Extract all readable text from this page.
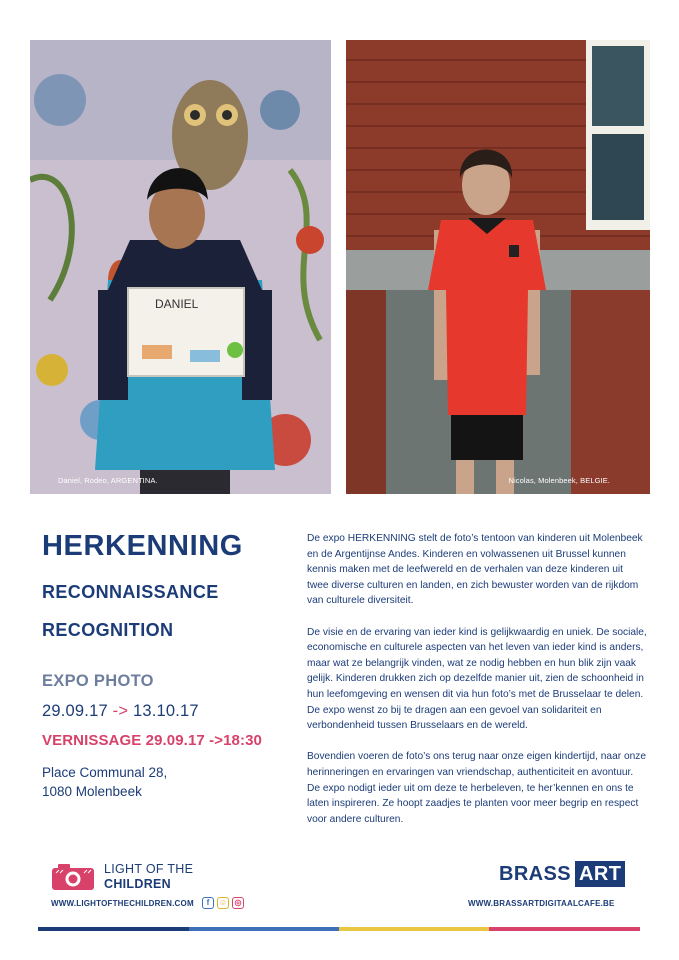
DANIEL
Daniel, Rodeo, ARGENTINA.	Nicolas, Molenbeek, BELGIE.
HERKENNING
RECONNAISSANCE
RECOGNITION
EXPO PHOTO
29.09.17 -> 13.10.17
VERNISSAGE 29.09.17 ->18:30
Place Communal 28,
1080 Molenbeek

De expo HERKENNING stelt de foto’s tentoon van kinderen uit Molenbeek en de Argentijnse Andes. Kinderen en volwassenen uit Brussel kunnen kennis maken met de leefwereld en de verhalen van deze kinderen uit twee diverse culturen en landen, en zich bewuster worden van de rijkdom van culturele diversiteit.

De visie en de ervaring van ieder kind is gelijkwaardig en uniek. De sociale, economische en culturele aspecten van het leven van ieder kind is anders, maar wat ze belangrijk vinden, wat ze nodig hebben en hun blik zijn vaak gelijk. Kinderen drukken zich op dezelfde manier uit, zien de schoonheid in hun leefomgeving en wensen dit via hun foto’s met de Brusselaar te delen. De expo wenst zo bij te dragen aan een gevoel van solidariteit en verbondenheid tussen Brusselaars en de wereld.

Bovendien voeren de foto’s ons terug naar onze eigen kindertijd, naar onze herinneringen en ervaringen van vriendschap, authenticiteit en avontuur. De expo nodigt ieder uit om deze te herbeleven, te her’kennen en ons te laten inspireren. Ze hoopt zaadjes te planten voor meer begrip en respect voor andere culturen.

LIGHT OF THE
CHILDREN
WWW.LIGHTOFTHECHILDREN.COM	f	☺ ◎
BRASS ART
WWW.BRASSARTDIGITAALCAFE.BE
